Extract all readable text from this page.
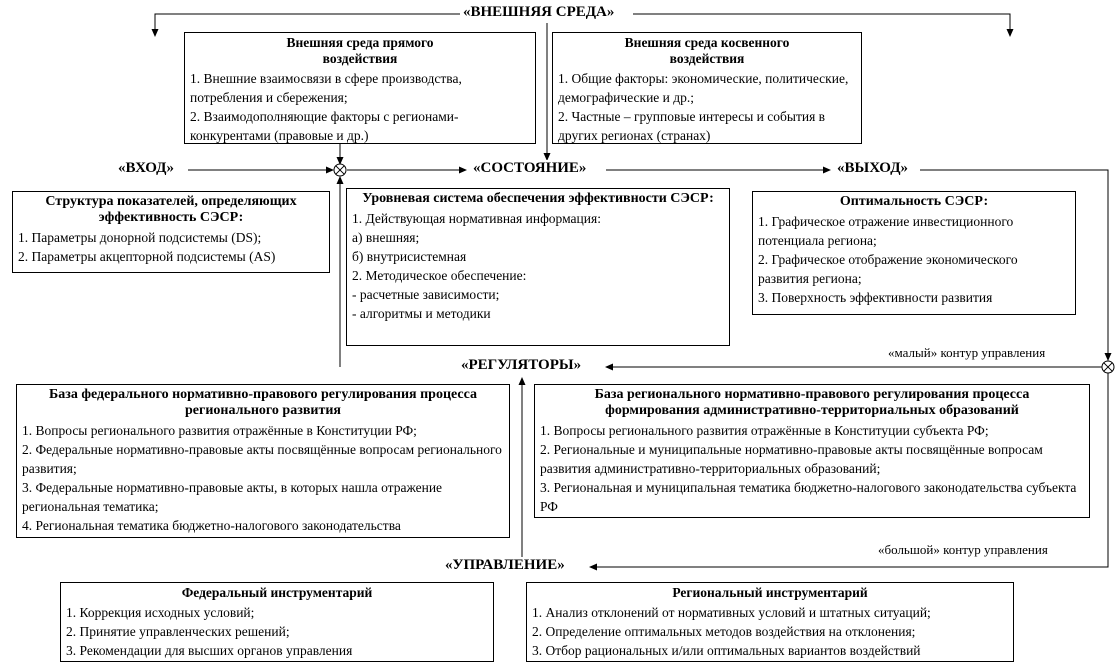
«ВНЕШНЯЯ СРЕДА»
«ВХОД»	«СОСТОЯНИЕ»	«ВЫХОД»
«РЕГУЛЯТОРЫ»
«УПРАВЛЕНИЕ»
«малый» контур управления
«большой» контур управления
Внешняя среда прямого воздействия
1. Внешние взаимосвязи в сфере производства, потребления и сбережения;
2. Взаимодополняющие факторы с регионами-конкурентами (правовые и др.)
Внешняя среда косвенного воздействия
1. Общие факторы: экономические, политические, демографические и др.;
2. Частные – групповые интересы и события в других регионах (странах)
Структура показателей, определяющих эффективность СЭСР:
1. Параметры донорной подсистемы (DS);
2. Параметры акцепторной подсистемы (AS)
Уровневая система обеспечения эффективности СЭСР:
1. Действующая нормативная информация:
а) внешняя;
б) внутрисистемная
2. Методическое обеспечение:
- расчетные зависимости;
- алгоритмы и методики
Оптимальность СЭСР:
1. Графическое отражение инвестиционного потенциала региона;
2. Графическое отображение экономического развития региона;
3. Поверхность эффективности развития
База федерального нормативно-правового регулирования процесса регионального развития
1. Вопросы регионального развития отражённые в Конституции РФ;
2. Федеральные нормативно-правовые акты посвящённые вопросам регионального развития;
3. Федеральные нормативно-правовые акты, в которых нашла отражение региональная тематика;
4. Региональная тематика бюджетно-налогового законодательства
База регионального нормативно-правового регулирования процесса формирования административно-территориальных образований
1. Вопросы регионального развития отражённые в Конституции субъекта РФ;
2. Региональные и муниципальные нормативно-правовые акты посвящённые вопросам развития административно-территориальных образований;
3. Региональная и муниципальная тематика бюджетно-налогового законодательства субъекта РФ
Федеральный инструментарий
1. Коррекция исходных условий;
2. Принятие управленческих решений;
3. Рекомендации для высших органов управления
Региональный инструментарий
1. Анализ отклонений от нормативных условий и штатных ситуаций;
2. Определение оптимальных методов воздействия на отклонения;
3. Отбор рациональных и/или оптимальных вариантов воздействий
